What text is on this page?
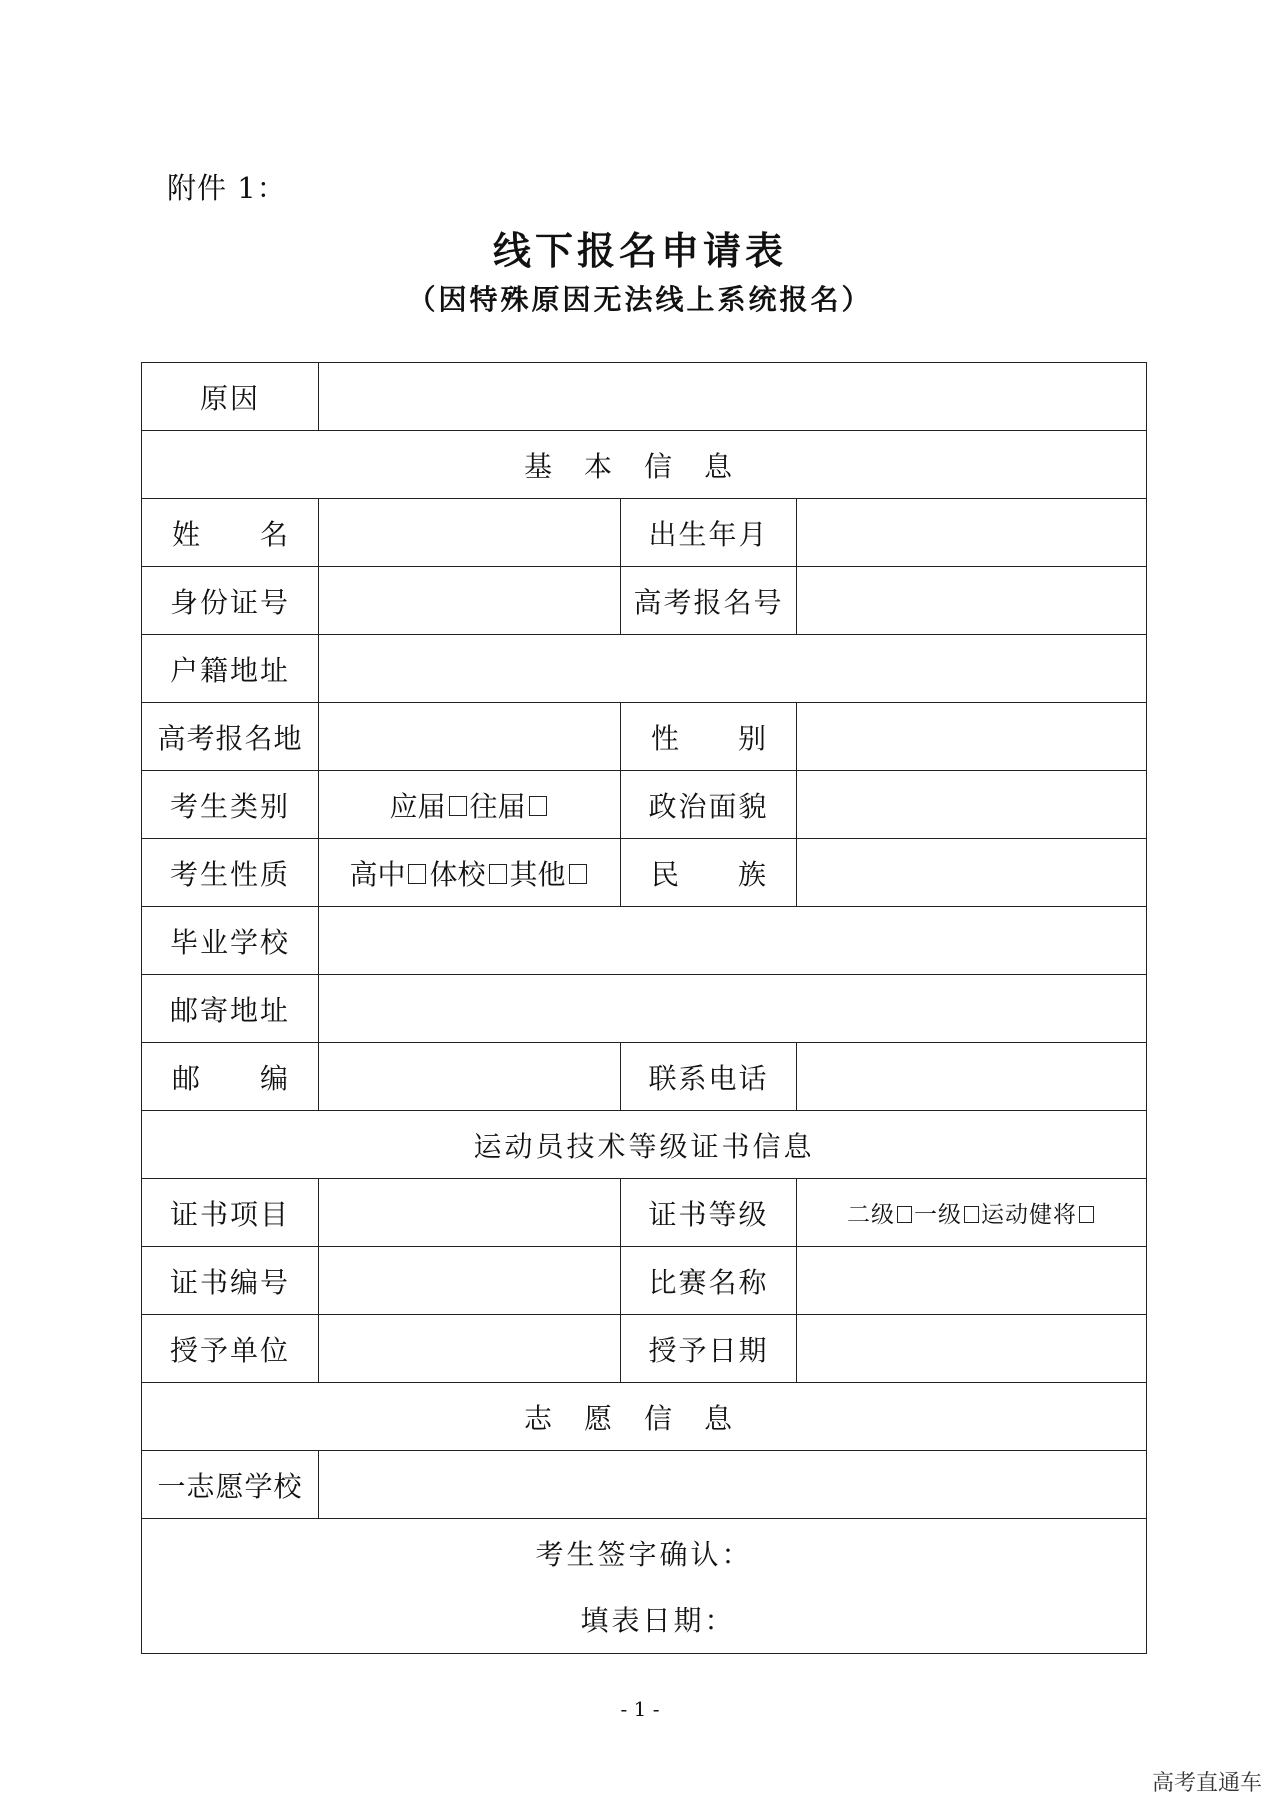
附件 1：
线下报名申请表
（因特殊原因无法线上系统报名）
原因			
基本信息			

姓 名		出生年月	
身份证号		高考报名号	
户籍地址			
高考报名地		性 别	

考生类别	应届 往届	政治面貌	
考生性质	高中 体校 其他	民 族	

毕业学校			
邮寄地址			

邮 编		联系电话	
运动员技术等级证书信息			
证书项目		证书等级	二级 一级 运动健将
证书编号		比赛名称	
授予单位		授予日期	
志愿信息			
一志愿学校			

考生签字确认：
填表日期：			
- 1 -
高考直通车
